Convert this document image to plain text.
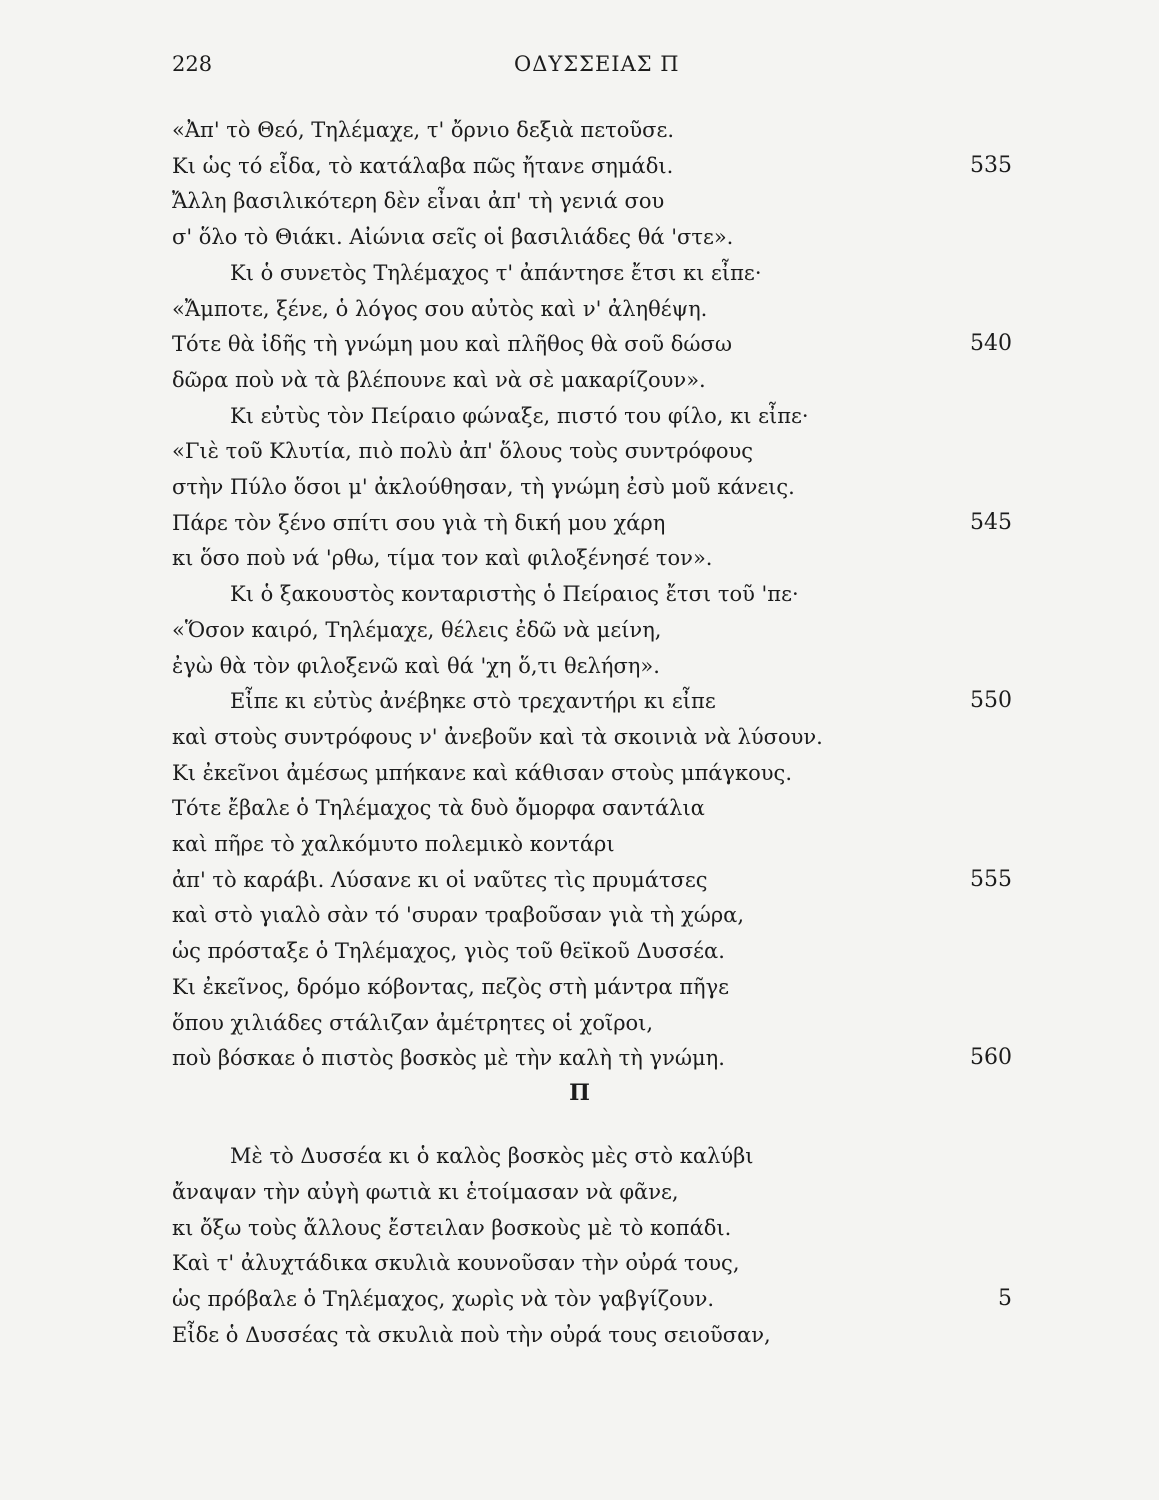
228	ΟΔΥΣΣΕΙΑΣ Π
«Ἀπ' τὸ Θεό, Τηλέμαχε, τ' ὄρνιο δεξιὰ πετοῦσε.
Κι ὡς τό εἶδα, τὸ κατάλαβα πῶς ἤτανε σημάδι.	535
Ἄλλη βασιλικότερη δὲν εἶναι ἀπ' τὴ γενιά σου
σ' ὅλο τὸ Θιάκι. Αἰώνια σεῖς οἱ βασιλιάδες θά 'στε».
Κι ὁ συνετὸς Τηλέμαχος τ' ἀπάντησε ἔτσι κι εἶπε·
«Ἄμποτε, ξένε, ὁ λόγος σου αὐτὸς καὶ ν' ἀληθέψη.
Τότε θὰ ἰδῆς τὴ γνώμη μου καὶ πλῆθος θὰ σοῦ δώσω	540
δῶρα ποὺ νὰ τὰ βλέπουνε καὶ νὰ σὲ μακαρίζουν».
Κι εὐτὺς τὸν Πείραιο φώναξε, πιστό του φίλο, κι εἶπε·
«Γιὲ τοῦ Κλυτία, πιὸ πολὺ ἀπ' ὅλους τοὺς συντρόφους
στὴν Πύλο ὅσοι μ' ἀκλούθησαν, τὴ γνώμη ἐσὺ μοῦ κάνεις.
Πάρε τὸν ξένο σπίτι σου γιὰ τὴ δική μου χάρη	545
κι ὅσο ποὺ νά 'ρθω, τίμα τον καὶ φιλοξένησέ τον».
Κι ὁ ξακουστὸς κονταριστὴς ὁ Πείραιος ἔτσι τοῦ 'πε·
«Ὅσον καιρό, Τηλέμαχε, θέλεις ἐδῶ νὰ μείνη,
ἐγὼ θὰ τὸν φιλοξενῶ καὶ θά 'χη ὅ,τι θελήση».
Εἶπε κι εὐτὺς ἀνέβηκε στὸ τρεχαντήρι κι εἶπε	550
καὶ στοὺς συντρόφους ν' ἀνεβοῦν καὶ τὰ σκοινιὰ νὰ λύσουν.
Κι ἐκεῖνοι ἀμέσως μπήκανε καὶ κάθισαν στοὺς μπάγκους.
Τότε ἔβαλε ὁ Τηλέμαχος τὰ δυὸ ὄμορφα σαντάλια
καὶ πῆρε τὸ χαλκόμυτο πολεμικὸ κοντάρι
ἀπ' τὸ καράβι. Λύσανε κι οἱ ναῦτες τὶς πρυμάτσες	555
καὶ στὸ γιαλὸ σὰν τό 'συραν τραβοῦσαν γιὰ τὴ χώρα,
ὡς πρόσταξε ὁ Τηλέμαχος, γιὸς τοῦ θεϊκοῦ Δυσσέα.
Κι ἐκεῖνος, δρόμο κόβοντας, πεζὸς στὴ μάντρα πῆγε
ὅπου χιλιάδες στάλιζαν ἀμέτρητες οἱ χοῖροι,
ποὺ βόσκαε ὁ πιστὸς βοσκὸς μὲ τὴν καλὴ τὴ γνώμη.	560
Π
Μὲ τὸ Δυσσέα κι ὁ καλὸς βοσκὸς μὲς στὸ καλύβι
ἄναψαν τὴν αὐγὴ φωτιὰ κι ἑτοίμασαν νὰ φᾶνε,
κι ὄξω τοὺς ἄλλους ἔστειλαν βοσκοὺς μὲ τὸ κοπάδι.
Καὶ τ' ἀλυχτάδικα σκυλιὰ κουνοῦσαν τὴν οὐρά τους,
ὡς πρόβαλε ὁ Τηλέμαχος, χωρὶς νὰ τὸν γαβγίζουν.	5
Εἶδε ὁ Δυσσέας τὰ σκυλιὰ ποὺ τὴν οὐρά τους σειοῦσαν,
